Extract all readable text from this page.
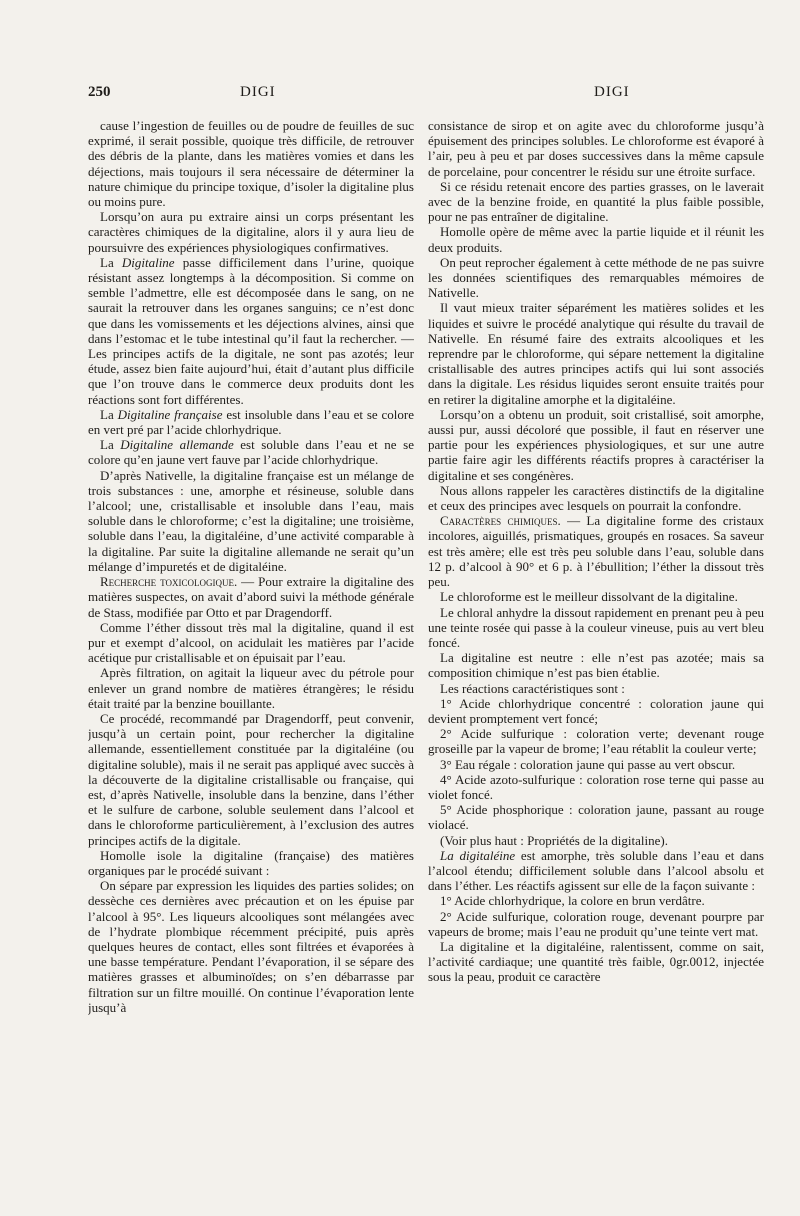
250	DIGI	DIGI

cause l’ingestion de feuilles ou de poudre de feuilles de suc exprimé, il serait possible, quoique très difficile, de retrouver des débris de la plante, dans les matières vomies et dans les déjections, mais toujours il sera nécessaire de déterminer la nature chimique du principe toxique, d’isoler la digitaline plus ou moins pure.

Lorsqu’on aura pu extraire ainsi un corps présentant les caractères chimiques de la digitaline, alors il y aura lieu de poursuivre des expériences physiologiques confirmatives.

La Digitaline passe difficilement dans l’urine, quoique résistant assez longtemps à la décomposition. Si comme on semble l’admettre, elle est décomposée dans le sang, on ne saurait la retrouver dans les organes sanguins; ce n’est donc que dans les vomissements et les déjections alvines, ainsi que dans l’estomac et le tube intestinal qu’il faut la rechercher. — Les principes actifs de la digitale, ne sont pas azotés; leur étude, assez bien faite aujourd’hui, était d’autant plus difficile que l’on trouve dans le commerce deux produits dont les réactions sont fort différentes.

La Digitaline française est insoluble dans l’eau et se colore en vert pré par l’acide chlorhydrique.

La Digitaline allemande est soluble dans l’eau et ne se colore qu’en jaune vert fauve par l’acide chlorhydrique.

D’après Nativelle, la digitaline française est un mélange de trois substances : une, amorphe et résineuse, soluble dans l’alcool; une, cristallisable et insoluble dans l’eau, mais soluble dans le chloroforme; c’est la digitaline; une troisième, soluble dans l’eau, la digitaléine, d’une activité comparable à la digitaline. Par suite la digitaline allemande ne serait qu’un mélange d’impuretés et de digitaléine.

Recherche toxicologique. — Pour extraire la digitaline des matières suspectes, on avait d’abord suivi la méthode générale de Stass, modifiée par Otto et par Dragendorff.

Comme l’éther dissout très mal la digitaline, quand il est pur et exempt d’alcool, on acidulait les matières par l’acide acétique pur cristallisable et on épuisait par l’eau.

Après filtration, on agitait la liqueur avec du pétrole pour enlever un grand nombre de matières étrangères; le résidu était traité par la benzine bouillante.

Ce procédé, recommandé par Dragendorff, peut convenir, jusqu’à un certain point, pour rechercher la digitaline allemande, essentiellement constituée par la digitaléine (ou digitaline soluble), mais il ne serait pas appliqué avec succès à la découverte de la digitaline cristallisable ou française, qui est, d’après Nativelle, insoluble dans la benzine, dans l’éther et le sulfure de carbone, soluble seulement dans l’alcool et dans le chloroforme particulièrement, à l’exclusion des autres principes actifs de la digitale.

Homolle isole la digitaline (française) des matières organiques par le procédé suivant :

On sépare par expression les liquides des parties solides; on dessèche ces dernières avec précaution et on les épuise par l’alcool à 95°. Les liqueurs alcooliques sont mélangées avec de l’hydrate plombique récemment précipité, puis après quelques heures de contact, elles sont filtrées et évaporées à une basse température. Pendant l’évaporation, il se sépare des matières grasses et albuminoïdes; on s’en débarrasse par filtration sur un filtre mouillé. On continue l’évaporation lente jusqu’à

consistance de sirop et on agite avec du chloroforme jusqu’à épuisement des principes solubles. Le chloroforme est évaporé à l’air, peu à peu et par doses successives dans la même capsule de porcelaine, pour concentrer le résidu sur une étroite surface.

Si ce résidu retenait encore des parties grasses, on le laverait avec de la benzine froide, en quantité la plus faible possible, pour ne pas entraîner de digitaline.

Homolle opère de même avec la partie liquide et il réunit les deux produits.

On peut reprocher également à cette méthode de ne pas suivre les données scientifiques des remarquables mémoires de Nativelle.

Il vaut mieux traiter séparément les matières solides et les liquides et suivre le procédé analytique qui résulte du travail de Nativelle. En résumé faire des extraits alcooliques et les reprendre par le chloroforme, qui sépare nettement la digitaline cristallisable des autres principes actifs qui lui sont associés dans la digitale. Les résidus liquides seront ensuite traités pour en retirer la digitaline amorphe et la digitaléine.

Lorsqu’on a obtenu un produit, soit cristallisé, soit amorphe, aussi pur, aussi décoloré que possible, il faut en réserver une partie pour les expériences physiologiques, et sur une autre partie faire agir les différents réactifs propres à caractériser la digitaline et ses congénères.

Nous allons rappeler les caractères distinctifs de la digitaline et ceux des principes avec lesquels on pourrait la confondre.

Caractères chimiques. — La digitaline forme des cristaux incolores, aiguillés, prismatiques, groupés en rosaces. Sa saveur est très amère; elle est très peu soluble dans l’eau, soluble dans 12 p. d’alcool à 90° et 6 p. à l’ébullition; l’éther la dissout très peu.

Le chloroforme est le meilleur dissolvant de la digitaline.

Le chloral anhydre la dissout rapidement en prenant peu à peu une teinte rosée qui passe à la couleur vineuse, puis au vert bleu foncé.

La digitaline est neutre : elle n’est pas azotée; mais sa composition chimique n’est pas bien établie.

Les réactions caractéristiques sont :

1° Acide chlorhydrique concentré : coloration jaune qui devient promptement vert foncé;

2° Acide sulfurique : coloration verte; devenant rouge groseille par la vapeur de brome; l’eau rétablit la couleur verte;

3° Eau régale : coloration jaune qui passe au vert obscur.

4° Acide azoto-sulfurique : coloration rose terne qui passe au violet foncé.

5° Acide phosphorique : coloration jaune, passant au rouge violacé.

(Voir plus haut : Propriétés de la digitaline).

La digitaléine est amorphe, très soluble dans l’eau et dans l’alcool étendu; difficilement soluble dans l’alcool absolu et dans l’éther. Les réactifs agissent sur elle de la façon suivante :

1° Acide chlorhydrique, la colore en brun verdâtre.

2° Acide sulfurique, coloration rouge, devenant pourpre par vapeurs de brome; mais l’eau ne produit qu’une teinte vert mat.

La digitaline et la digitaléine, ralentissent, comme on sait, l’activité cardiaque; une quantité très faible, 0gr.0012, injectée sous la peau, produit ce caractère
